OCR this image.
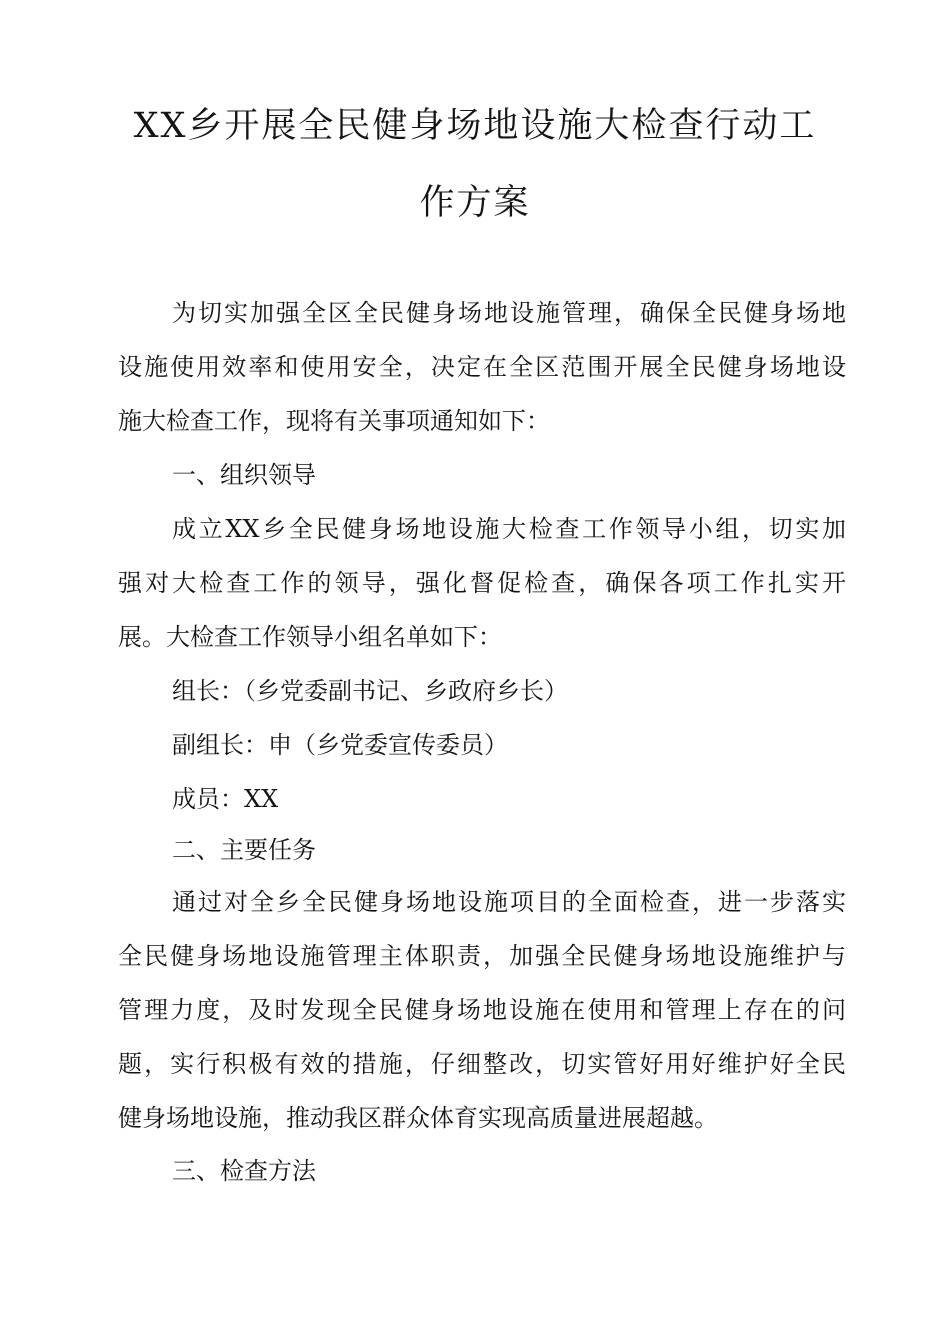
XX乡开展全民健身场地设施大检查行动工
作方案

为切实加强全区全民健身场地设施管理，确保全民健身场地

设施使用效率和使用安全，决定在全区范围开展全民健身场地设

施大检查工作，现将有关事项通知如下：

一、组织领导

成立XX乡全民健身场地设施大检查工作领导小组，切实加

强对大检查工作的领导，强化督促检查，确保各项工作扎实开

展。大检查工作领导小组名单如下：

组长：（乡党委副书记、乡政府乡长）

副组长：申（乡党委宣传委员）

成员：XX

二、主要任务

通过对全乡全民健身场地设施项目的全面检查，进一步落实

全民健身场地设施管理主体职责，加强全民健身场地设施维护与

管理力度，及时发现全民健身场地设施在使用和管理上存在的问

题，实行积极有效的措施，仔细整改，切实管好用好维护好全民

健身场地设施，推动我区群众体育实现高质量进展超越。

三、检查方法
